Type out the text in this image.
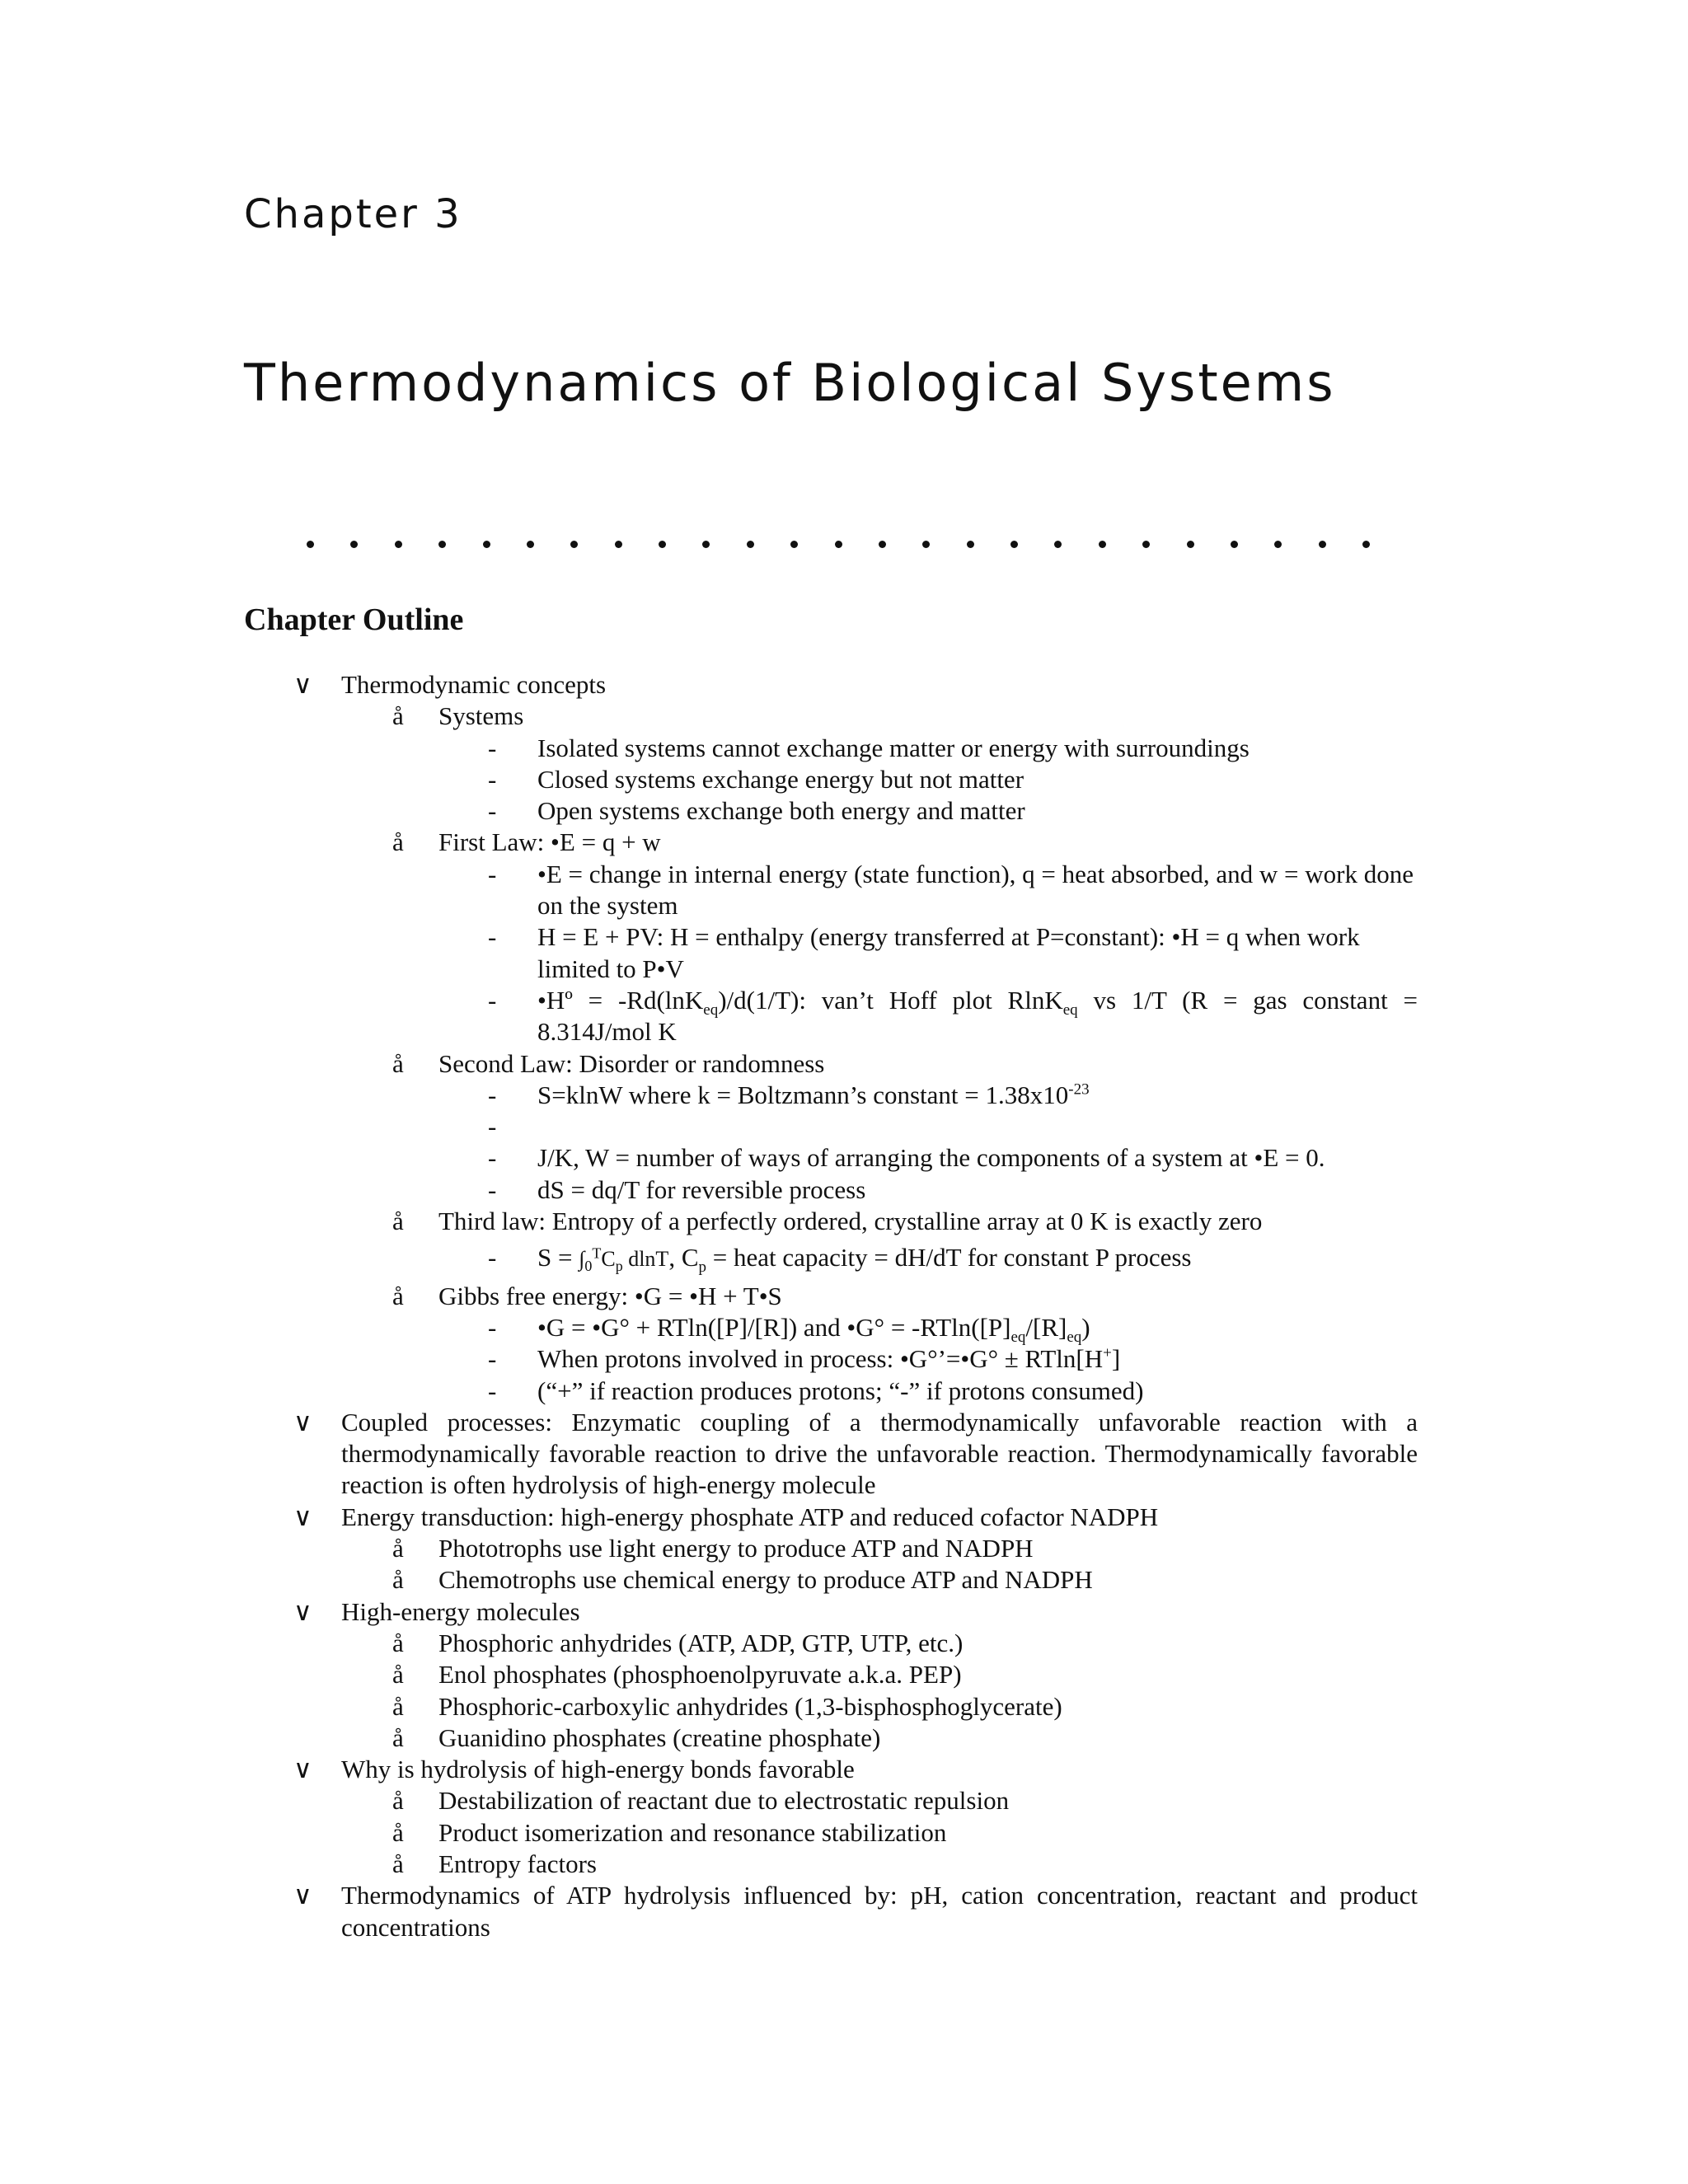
Chapter 3
Thermodynamics of Biological Systems
Chapter Outline
∨ Thermodynamic concepts
å Systems
- Isolated systems cannot exchange matter or energy with surroundings
- Closed systems exchange energy but not matter
- Open systems exchange both energy and matter
å First Law: •E = q + w
- •E = change in internal energy (state function), q = heat absorbed, and w = work done on the system
- H = E + PV: H = enthalpy (energy transferred at P=constant): •H = q when work limited to P•V
- •Hº = -Rd(lnK$_{eq}$)/d(1/T): van’t Hoff plot RlnK$_{eq}$ vs 1/T (R = gas constant = 8.314J/mol K
å Second Law: Disorder or randomness
- S=klnW where k = Boltzmann’s constant = $1.38x10^{-23}$
-
- J/K, W = number of ways of arranging the components of a system at •E = 0.
- dS = dq/T for reversible process
å Third law: Entropy of a perfectly ordered, crystalline array at 0 K is exactly zero
- $S = \int_0^TC_p$ dlnT, $C_p$ = heat capacity = dH/dT for constant P process
å Gibbs free energy: •G = •H + T•S
- •G = •G° + RTln([P]/[R]) and •G° = $-RTln([P]_{eq}/[R]_{eq})$
- When protons involved in process: •G°’=•G° ± RTln[H+]
- (“+” if reaction produces protons; “-” if protons consumed)
∨ Coupled processes: Enzymatic coupling of a thermodynamically unfavorable reaction with a thermodynamically favorable reaction to drive the unfavorable reaction. Thermodynamically favorable reaction is often hydrolysis of high-energy molecule
∨ Energy transduction: high-energy phosphate ATP and reduced cofactor NADPH
å Phototrophs use light energy to produce ATP and NADPH
å Chemotrophs use chemical energy to produce ATP and NADPH
∨ High-energy molecules
å Phosphoric anhydrides (ATP, ADP, GTP, UTP, etc.)
å Enol phosphates (phosphoenolpyruvate a.k.a. PEP)
å Phosphoric-carboxylic anhydrides (1,3-bisphosphoglycerate)
å Guanidino phosphates (creatine phosphate)
∨ Why is hydrolysis of high-energy bonds favorable
å Destabilization of reactant due to electrostatic repulsion
å Product isomerization and resonance stabilization
å Entropy factors
∨ Thermodynamics of ATP hydrolysis influenced by: pH, cation concentration, reactant and product concentrations
